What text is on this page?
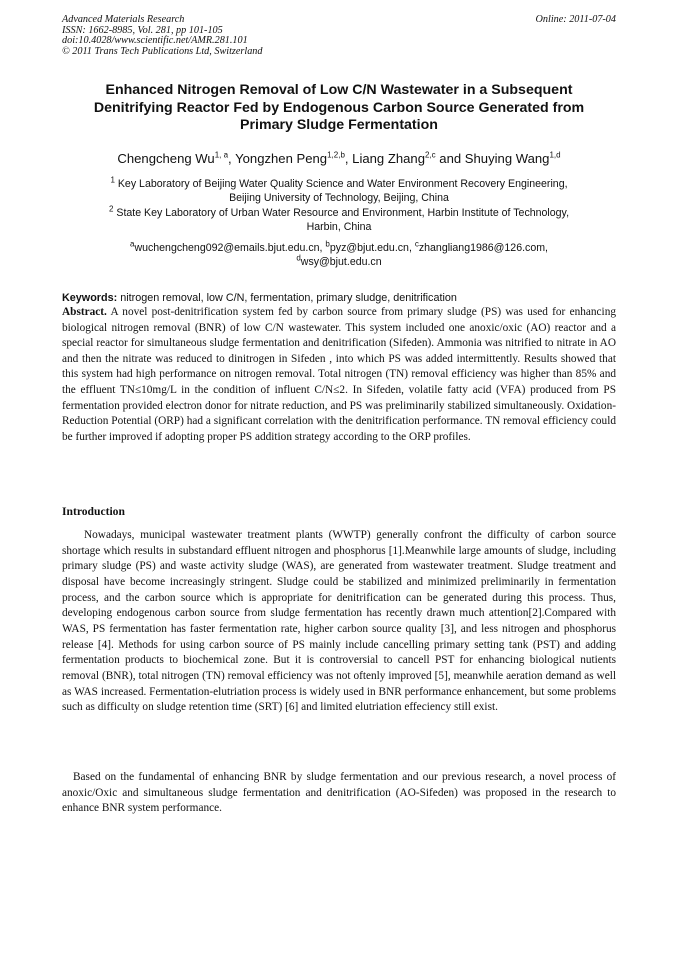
Advanced Materials Research
ISSN: 1662-8985, Vol. 281, pp 101-105
doi:10.4028/www.scientific.net/AMR.281.101
© 2011 Trans Tech Publications Ltd, Switzerland
Online: 2011-07-04
Enhanced Nitrogen Removal of Low C/N Wastewater in a Subsequent
Denitrifying Reactor Fed by Endogenous Carbon Source Generated from
Primary Sludge Fermentation
Chengcheng Wu$^{1, a}$, Yongzhen Peng$^{1,2,b}$, Liang Zhang$^{2,c}$ and Shuying Wang$^{1,d}$
$^1$ Key Laboratory of Beijing Water Quality Science and Water Environment Recovery Engineering,
Beijing University of Technology, Beijing, China
$^2$ State Key Laboratory of Urban Water Resource and Environment, Harbin Institute of Technology,
Harbin, China
$^a$wuchengcheng092@emails.bjut.edu.cn, $^b$pyz@bjut.edu.cn, $^c$zhangliang1986@126.com,
$^d$wsy@bjut.edu.cn
Keywords: nitrogen removal, low C/N, fermentation, primary sludge, denitrification
Abstract. A novel post-denitrification system fed by carbon source from primary sludge (PS) was used for enhancing biological nitrogen removal (BNR) of low C/N wastewater. This system included one anoxic/oxic (AO) reactor and a special reactor for simultaneous sludge fermentation and denitrification (Sifeden). Ammonia was nitrified to nitrate in AO and then the nitrate was reduced to dinitrogen in Sifeden , into which PS was added intermittently. Results showed that this system had high performance on nitrogen removal. Total nitrogen (TN) removal efficiency was higher than 85% and the effluent TN≤10mg/L in the condition of influent C/N≤2. In Sifeden, volatile fatty acid (VFA) produced from PS fermentation provided electron donor for nitrate reduction, and PS was preliminarily stabilized simultaneously. Oxidation-Reduction Potential (ORP) had a significant correlation with the denitrification performance. TN removal efficiency could be further improved if adopting proper PS addition strategy according to the ORP profiles.
Introduction
Nowadays, municipal wastewater treatment plants (WWTP) generally confront the difficulty of carbon source shortage which results in substandard effluent nitrogen and phosphorus [1].Meanwhile large amounts of sludge, including primary sludge (PS) and waste activity sludge (WAS), are generated from wastewater treatment. Sludge treatment and disposal have become increasingly stringent. Sludge could be stabilized and minimized preliminarily in fermentation process, and the carbon source which is appropriate for denitrification can be generated during this process. Thus, developing endogenous carbon source from sludge fermentation has recently drawn much attention[2].Compared with WAS, PS fermentation has faster fermentation rate, higher carbon source quality [3], and less nitrogen and phosphorus release [4]. Methods for using carbon source of PS mainly include cancelling primary setting tank (PST) and adding fermentation products to biochemical zone. But it is controversial to cancell PST for enhancing biological nutients removal (BNR), total nitrogen (TN) removal efficiency was not oftenly improved [5], meanwhile aeration demand as well as WAS increased. Fermentation-elutriation process is widely used in BNR performance enhancement, but some problems such as difficulty on sludge retention time (SRT) [6] and limited elutriation effeciency still exist.
Based on the fundamental of enhancing BNR by sludge fermentation and our previous research, a novel process of anoxic/Oxic and simultaneous sludge fermentation and denitrification (AO-Sifeden) was proposed in the research to enhance BNR system performance.
